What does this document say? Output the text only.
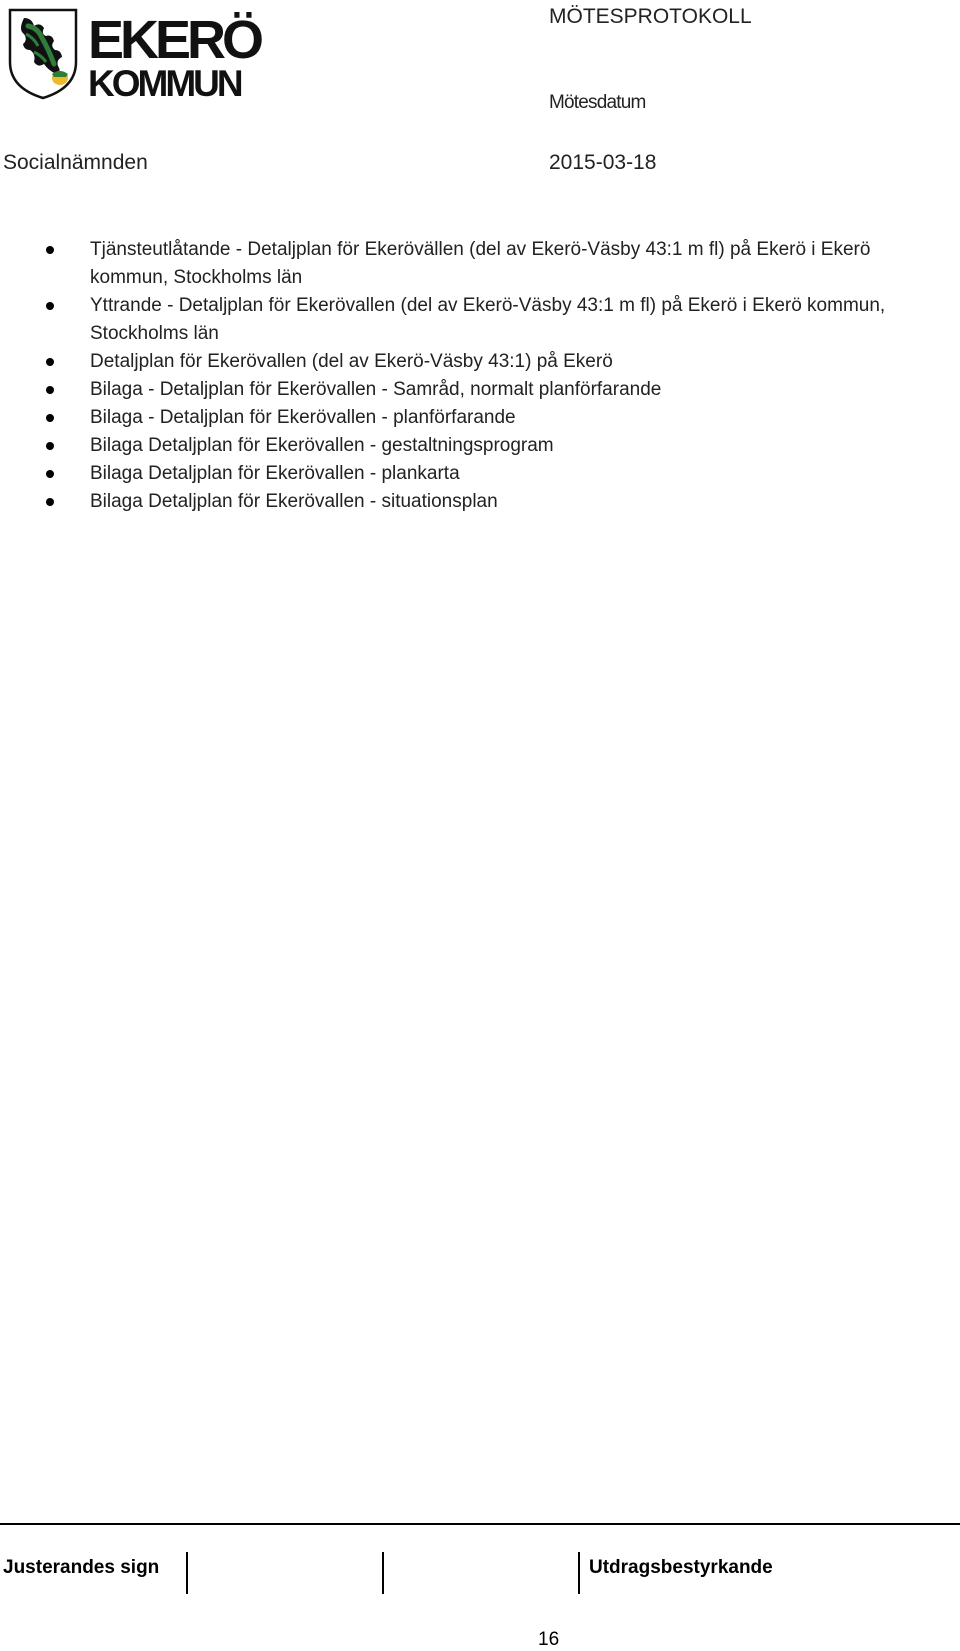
EKERÖ
KOMMUN
MÖTESPROTOKOLL
Mötesdatum
Socialnämnden	2015-03-18
Tjänsteutlåtande - Detaljplan för Ekerövällen (del av Ekerö-Väsby 43:1 m fl) på Ekerö i Ekerö kommun, Stockholms län
Yttrande - Detaljplan för Ekerövallen (del av Ekerö-Väsby 43:1 m fl) på Ekerö i Ekerö kommun, Stockholms län
Detaljplan för Ekerövallen (del av Ekerö-Väsby 43:1) på Ekerö
Bilaga - Detaljplan för Ekerövallen - Samråd, normalt planförfarande
Bilaga - Detaljplan för Ekerövallen - planförfarande
Bilaga Detaljplan för Ekerövallen - gestaltningsprogram
Bilaga Detaljplan för Ekerövallen - plankarta
Bilaga Detaljplan för Ekerövallen - situationsplan
Justerandes sign	Utdragsbestyrkande
16
